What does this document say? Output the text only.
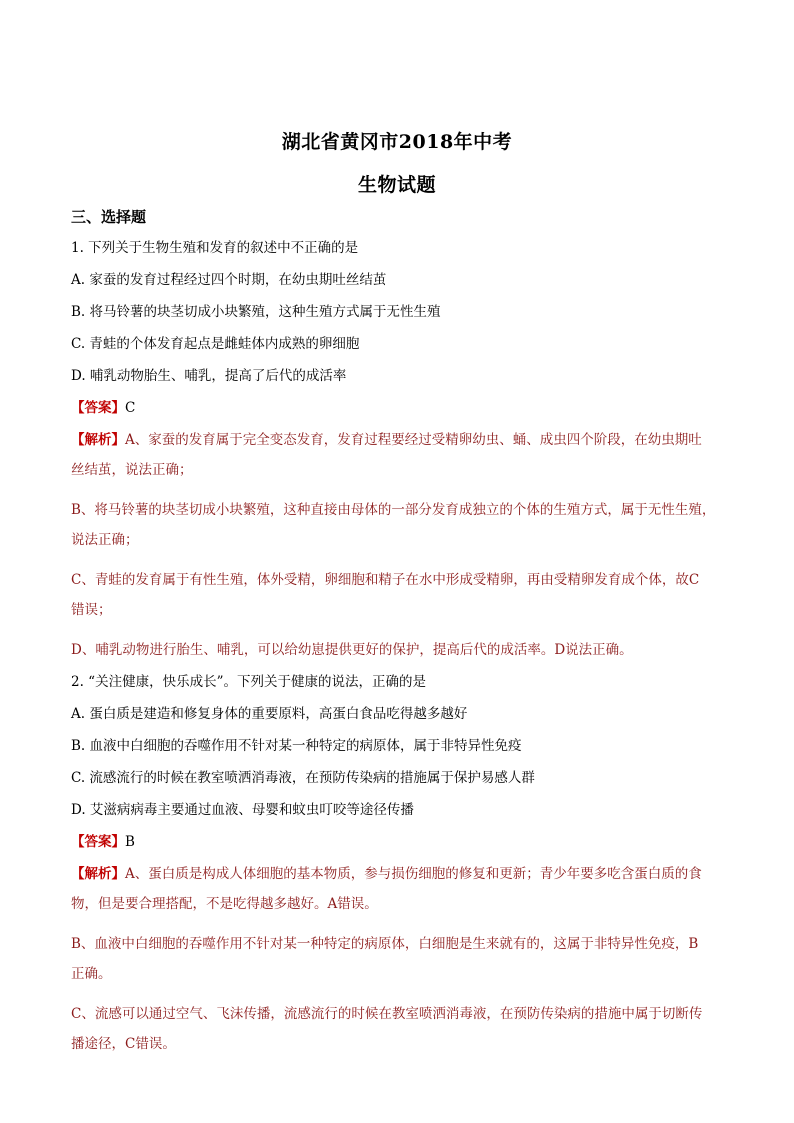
湖北省黄冈市2018年中考
生物试题
三、选择题
1. 下列关于生物生殖和发育的叙述中不正确的是
A. 家蚕的发育过程经过四个时期，在幼虫期吐丝结茧
B. 将马铃薯的块茎切成小块繁殖，这种生殖方式属于无性生殖
C. 青蛙的个体发育起点是雌蛙体内成熟的卵细胞
D. 哺乳动物胎生、哺乳，提高了后代的成活率
【答案】C
【解析】A、家蚕的发育属于完全变态发育，发育过程要经过受精卵幼虫、蛹、成虫四个阶段，在幼虫期吐
丝结茧，说法正确；
B、将马铃薯的块茎切成小块繁殖，这种直接由母体的一部分发育成独立的个体的生殖方式，属于无性生殖，
说法正确；
C、青蛙的发育属于有性生殖，体外受精，卵细胞和精子在水中形成受精卵，再由受精卵发育成个体，故C
错误；
D、哺乳动物进行胎生、哺乳，可以给幼崽提供更好的保护，提高后代的成活率。D说法正确。
2. “关注健康，快乐成长”。下列关于健康的说法，正确的是
A. 蛋白质是建造和修复身体的重要原料，高蛋白食品吃得越多越好
B. 血液中白细胞的吞噬作用不针对某一种特定的病原体，属于非特异性免疫
C. 流感流行的时候在教室喷洒消毒液，在预防传染病的措施属于保护易感人群
D. 艾滋病病毒主要通过血液、母婴和蚊虫叮咬等途径传播
【答案】B
【解析】A、蛋白质是构成人体细胞的基本物质，参与损伤细胞的修复和更新；青少年要多吃含蛋白质的食
物，但是要合理搭配，不是吃得越多越好。A错误。
B、血液中白细胞的吞噬作用不针对某一种特定的病原体，白细胞是生来就有的，这属于非特异性免疫，B
正确。
C、流感可以通过空气、飞沫传播，流感流行的时候在教室喷洒消毒液，在预防传染病的措施中属于切断传
播途径，C错误。
